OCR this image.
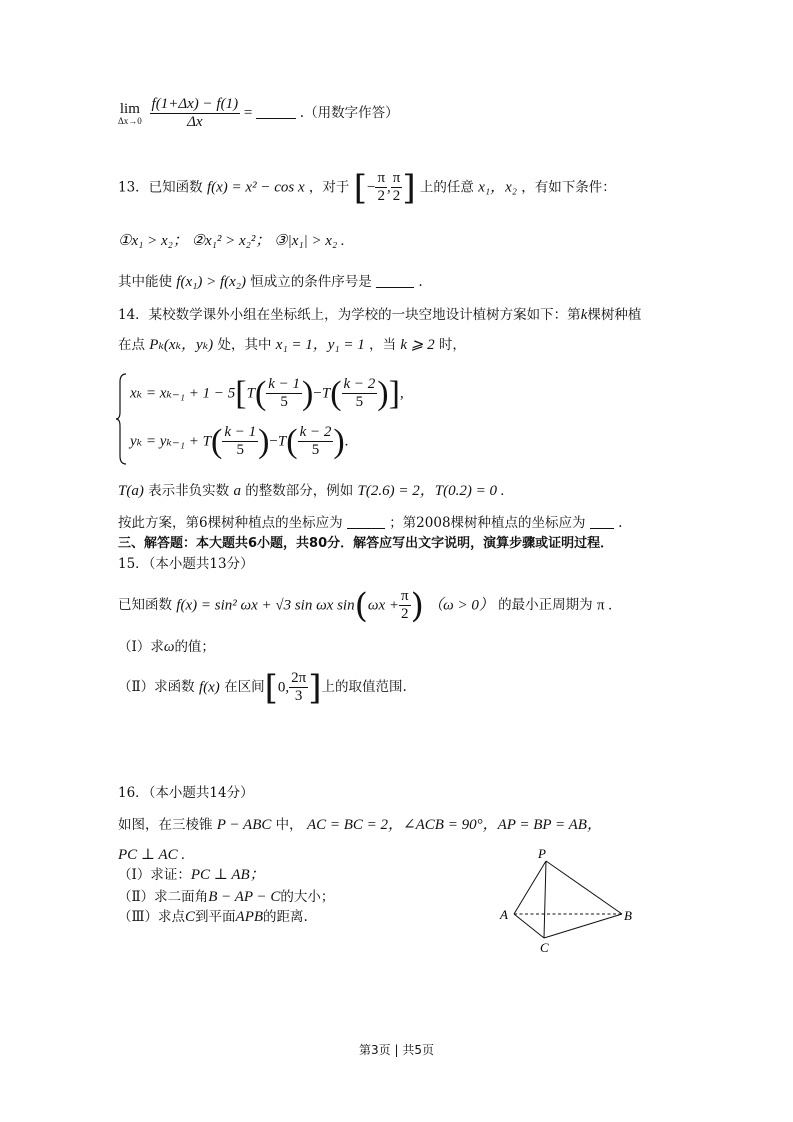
lim
Δx→0
$\frac{f(1+\Delta x) - f(1)}{\Delta x}$ =	.（用数字作答）
13．已知函数 f(x) = x² − cos x ，对于 [− $\frac{\pi}{2}$ , $\frac{\pi}{2}$ ] 上的任意 x₁，x₂ ，有如下条件：
①x₁ > x₂； ②x₁² > x₂²； ③|x₁| > x₂ .
其中能使 f(x₁) > f(x₂) 恒成立的条件序号是	.
14．某校数学课外小组在坐标纸上，为学校的一块空地设计植树方案如下：第k棵树种植
在点 Pₖ(xₖ，yₖ) 处，其中 x₁ = 1，y₁ = 1 ，当 k ⩾ 2 时，
$x_k = x_{k-1} + 1 - 5[T( \frac{k - 1}{5} )-T( \frac{k - 2}{5}$ )],
$y_k = y_{k-1} + T( \frac{k - 1}{5} )-T( \frac{k - 2}{5}$ ).
T(a) 表示非负实数 a 的整数部分，例如 T(2.6) = 2，T(0.2) = 0 .
按此方案，第6棵树种植点的坐标应为	；第2008棵树种植点的坐标应为 .
三、解答题：本大题共6小题，共80分．解答应写出文字说明，演算步骤或证明过程．
15．（本小题共13分）
已知函数 f(x) = sin² ωx + √3 sin ωx $\sin(\omega x + \frac{\pi}{2}$ ) （ω > 0） 的最小正周期为 π .
（Ⅰ）求ω的值；
（Ⅱ）求函数 f(x) 在区间[0, $\frac{2\pi}{3}$ ]上的取值范围.
16．（本小题共14分）
如图，在三棱锥 P − ABC 中， AC = BC = 2，∠ACB = 90°，AP = BP = AB，
PC ⊥ AC .
（Ⅰ）求证：PC ⊥ AB；
（Ⅱ）求二面角B − AP − C的大小；
（Ⅲ）求点C到平面APB的距离.
P
A	B
C
第3页 | 共5页
